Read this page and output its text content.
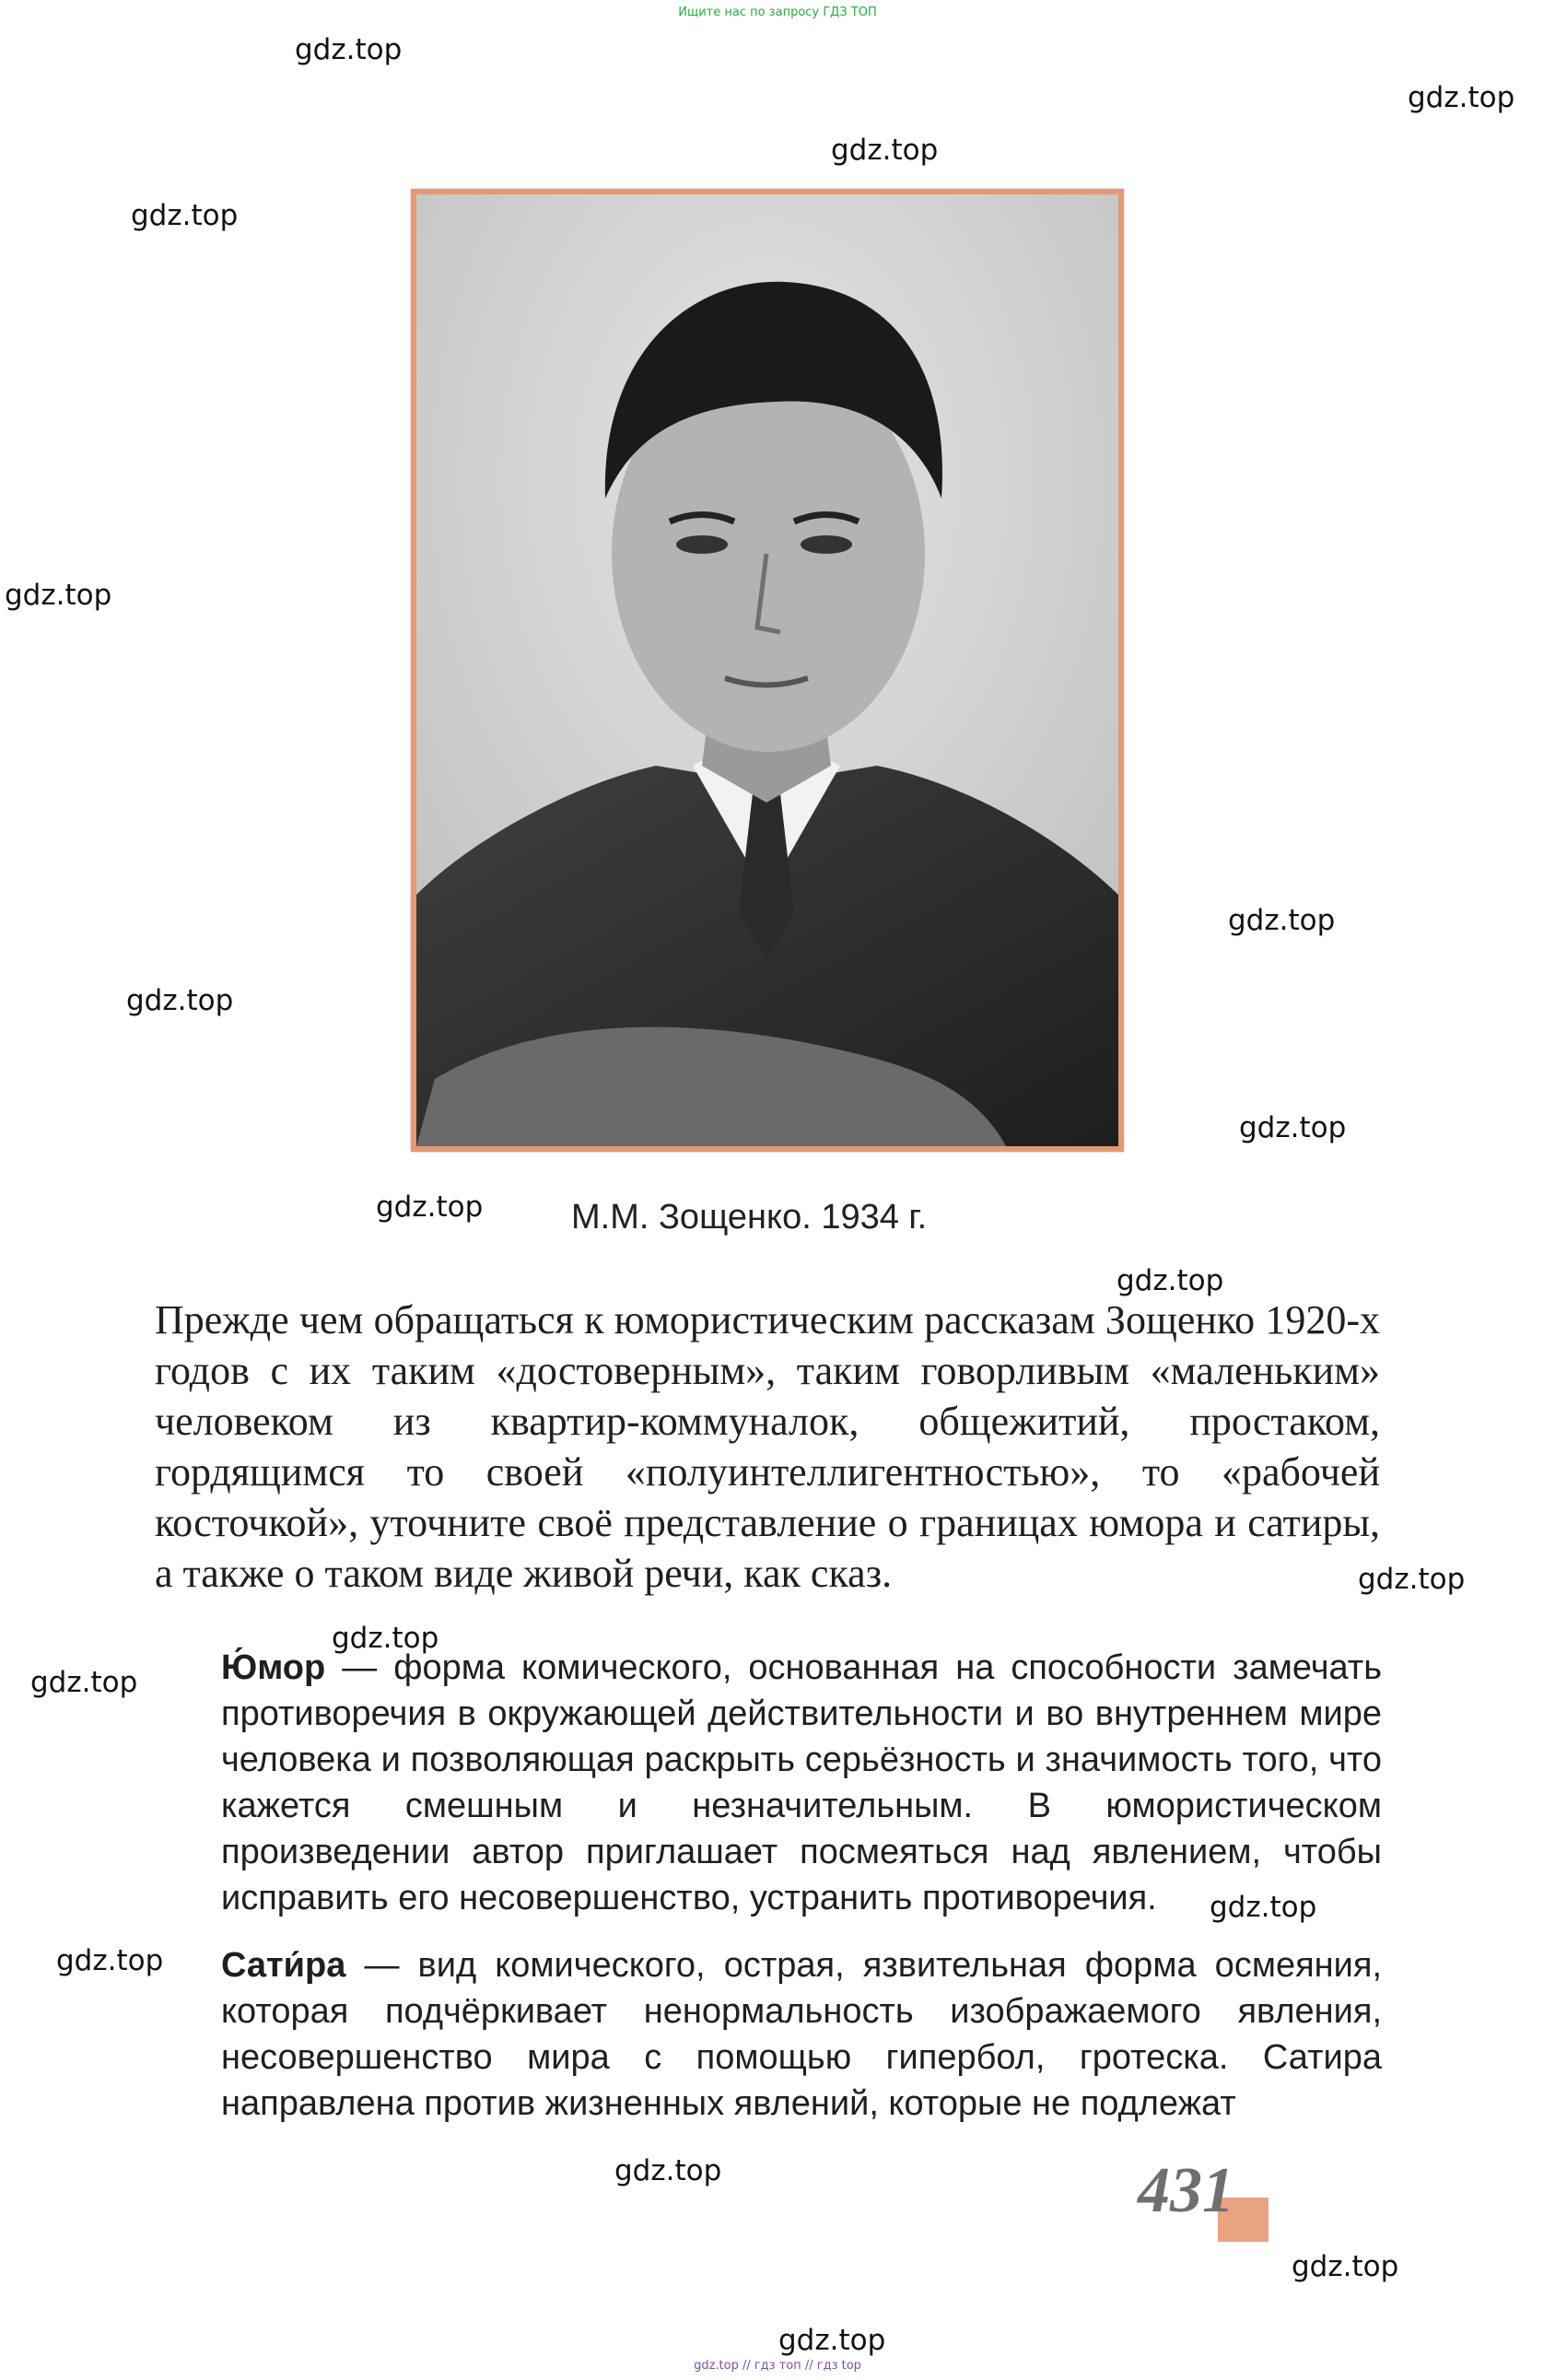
Ищите нас по запросу ГДЗ ТОП
gdz.top
gdz.top
gdz.top
gdz.top
gdz.top
gdz.top
gdz.top
gdz.top
gdz.top
gdz.top
gdz.top
gdz.top
gdz.top
gdz.top
gdz.top
gdz.top
gdz.top
gdz.top
М.М. Зощенко. 1934 г.
Прежде чем обращаться к юмористическим рассказам Зощенко 1920-х годов с их таким «достоверным», таким говорливым «маленьким» человеком из квартир-коммуналок, общежитий, простаком, гордящимся то своей «полуинтеллигентностью», то «рабочей косточкой», уточните своё представление о границах юмора и сатиры, а также о таком виде живой речи, как сказ.
Ю́мор — форма комического, основанная на способности замечать противоречия в окружающей действительности и во внутреннем мире человека и позволяющая раскрыть серьёзность и значимость того, что кажется смешным и незначительным. В юмористическом произведении автор приглашает посмеяться над явлением, чтобы исправить его несовершенство, устранить противоречия.
Сати́ра — вид комического, острая, язвительная форма осмеяния, которая подчёркивает ненормальность изображаемого явления, несовершенство мира с помощью гипербол, гротеска. Сатира направлена против жизненных явлений, которые не подлежат
431
gdz.top // гдз топ // гдз top
